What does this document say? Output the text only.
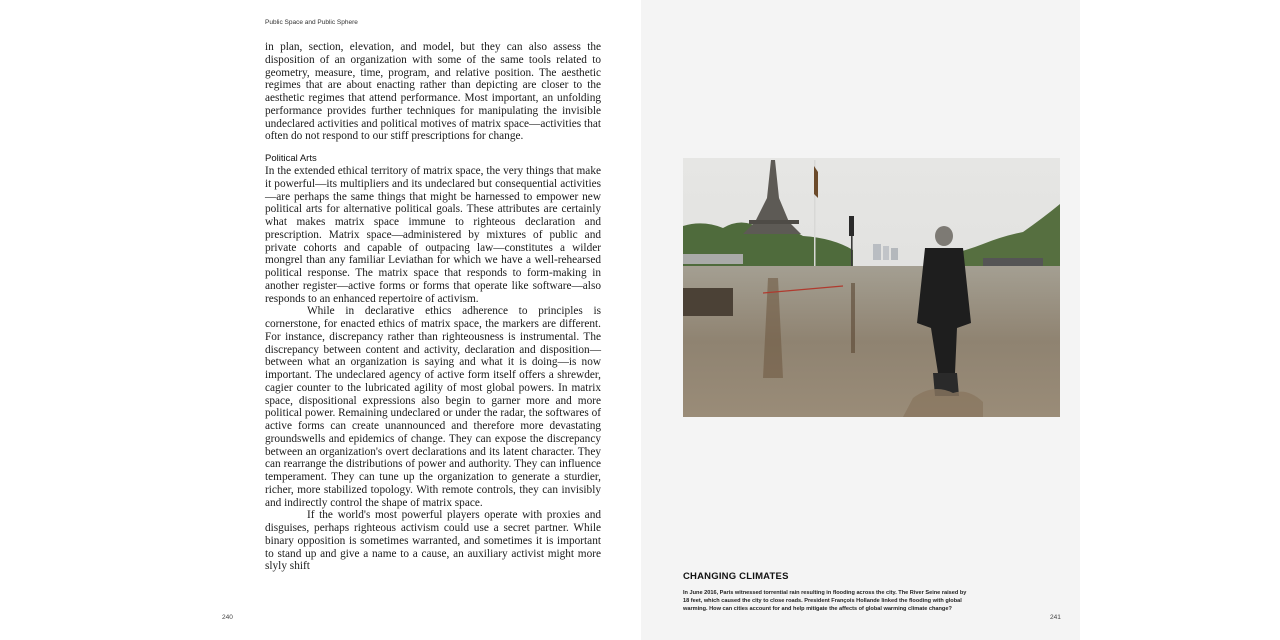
Public Space and Public Sphere

in plan, section, elevation, and model, but they can also assess the disposition of an organization with some of the same tools related to geometry, measure, time, program, and relative position. The aesthetic regimes that are about enacting rather than depicting are closer to the aesthetic regimes that attend performance. Most important, an unfolding performance provides further techniques for manipulating the invisible undeclared activities and political motives of matrix space—activities that often do not respond to our stiff prescriptions for change.

Political Arts

In the extended ethical territory of matrix space, the very things that make it powerful—its multipliers and its undeclared but consequential activities—are perhaps the same things that might be harnessed to empower new political arts for alternative political goals. These attributes are certainly what makes matrix space immune to righteous declaration and prescription. Matrix space—administered by mixtures of public and private cohorts and capable of outpacing law—constitutes a wilder mongrel than any familiar Leviathan for which we have a well-rehearsed political response. The matrix space that responds to form-making in another register—active forms or forms that operate like software—also responds to an enhanced repertoire of activism.

While in declarative ethics adherence to principles is cornerstone, for enacted ethics of matrix space, the markers are different. For instance, discrepancy rather than righteousness is instrumental. The discrepancy between content and activity, declaration and disposition—between what an organization is saying and what it is doing—is now important. The undeclared agency of active form itself offers a shrewder, cagier counter to the lubricated agility of most global powers. In matrix space, dispositional expressions also begin to garner more and more political power. Remaining undeclared or under the radar, the softwares of active forms can create unannounced and therefore more devastating groundswells and epidemics of change. They can expose the discrepancy between an organization's overt declarations and its latent character. They can rearrange the distributions of power and authority. They can influence temperament. They can tune up the organization to generate a sturdier, richer, more stabilized topology. With remote controls, they can invisibly and indirectly control the shape of matrix space.

If the world's most powerful players operate with proxies and disguises, perhaps righteous activism could use a secret partner. While binary opposition is sometimes warranted, and sometimes it is important to stand up and give a name to a cause, an auxiliary activist might more slyly shift

240
CHANGING CLIMATES
In June 2016, Paris witnessed torrential rain resulting in flooding across the city. The River Seine raised by 18 feet, which caused the city to close roads. President François Hollande linked the flooding with global warming. How can cities account for and help mitigate the affects of global warming climate change?
241
